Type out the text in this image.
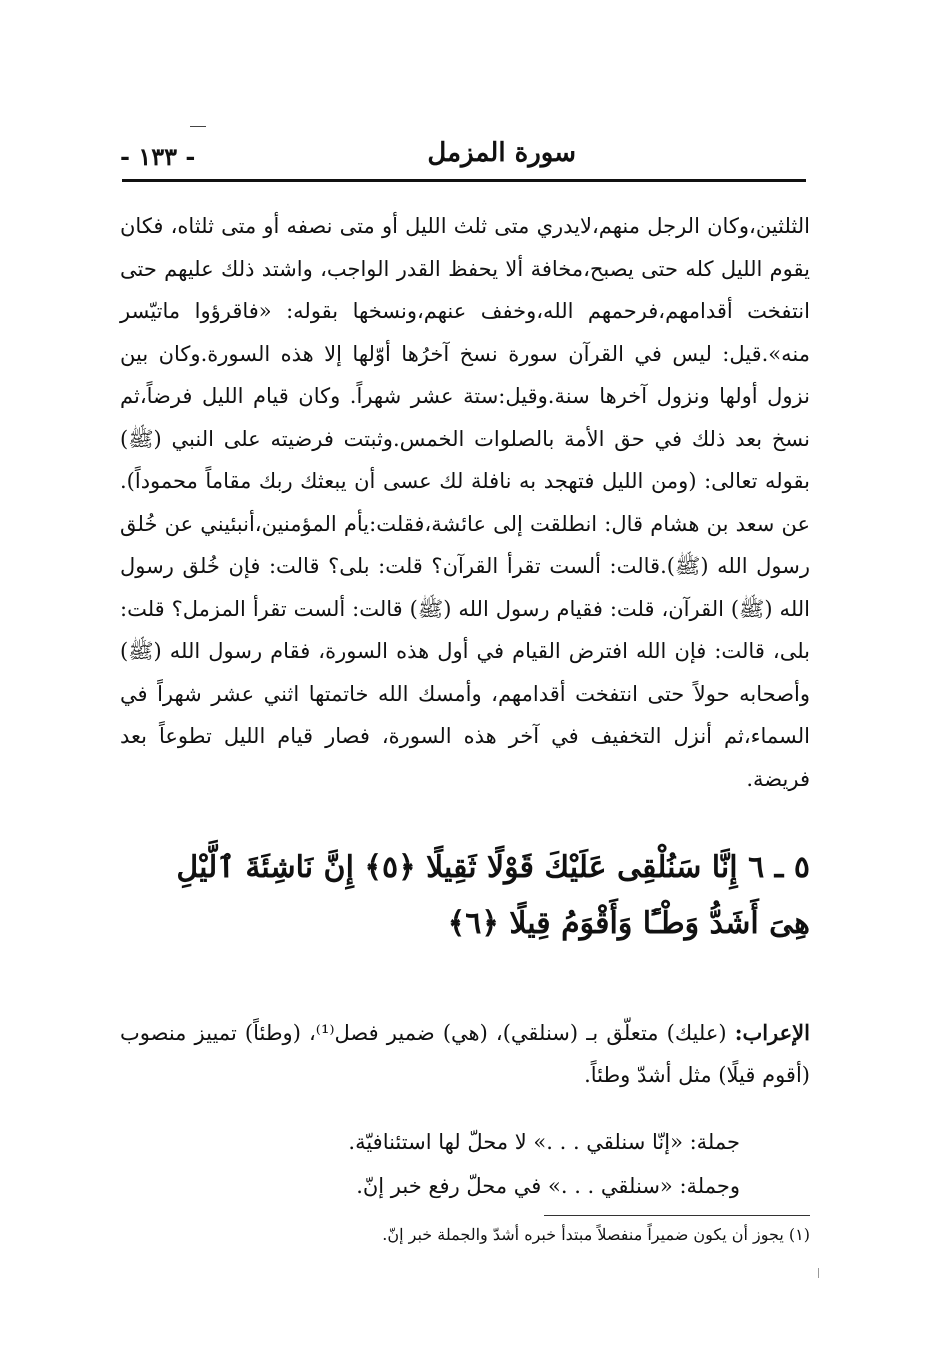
سورة المزمل
- ١٣٣ -
الثلثين،وكان الرجل منهم،لايدري متى ثلث الليل أو متى نصفه أو متى ثلثاه، فكان يقوم الليل كله حتى يصبح،مخافة ألا يحفظ القدر الواجب، واشتد ذلك عليهم حتى انتفخت أقدامهم،فرحمهم الله،وخفف عنهم،ونسخها بقوله: «فاقرؤوا ماتيّسر منه».قيل: ليس في القرآن سورة نسخ آخرُها أوّلها إلا هذه السورة.وكان بين نزول أولها ونزول آخرها سنة.وقيل:ستة عشر شهراً. وكان قيام الليل فرضاً،ثم نسخ بعد ذلك في حق الأمة بالصلوات الخمس.وثبتت فرضيته على النبي (ﷺ) بقوله تعالى: (ومن الليل فتهجد به نافلة لك عسى أن يبعثك ربك مقاماً محموداً). عن سعد بن هشام قال: انطلقت إلى عائشة،فقلت:يأم المؤمنين،أنبئيني عن خُلق رسول الله (ﷺ).قالت: ألست تقرأ القرآن؟ قلت: بلى؟ قالت: فإن خُلق رسول الله (ﷺ) القرآن، قلت: فقيام رسول الله (ﷺ) قالت: ألست تقرأ المزمل؟ قلت: بلى، قالت: فإن الله افترض القيام في أول هذه السورة، فقام رسول الله (ﷺ) وأصحابه حولاً حتى انتفخت أقدامهم، وأمسك الله خاتمتها اثني عشر شهراً في السماء،ثم أنزل التخفيف في آخر هذه السورة، فصار قيام الليل تطوعاً بعد فريضة.
٥ ـ ٦ إِنَّا سَنُلْقِى عَلَيْكَ قَوْلًا ثَقِيلًا ﴿٥﴾ إِنَّ نَاشِئَةَ ٱلَّيْلِ هِىَ أَشَدُّ وَطْـًٔا وَأَقْوَمُ قِيلًا ﴿٦﴾
الإعراب: (عليك) متعلّق بـ (سنلقي)، (هي) ضمير فصل⁽¹⁾، (وطئاً) تمييز منصوب (أقوم قيلًا) مثل أشدّ وطئاً.
جملة: «إنّا سنلقي . . .» لا محلّ لها استئنافيّة.
وجملة: «سنلقي . . .» في محلّ رفع خبر إنّ.
(١) يجوز أن يكون ضميراً منفصلاً مبتدأ خبره أشدّ والجملة خبر إنّ.
